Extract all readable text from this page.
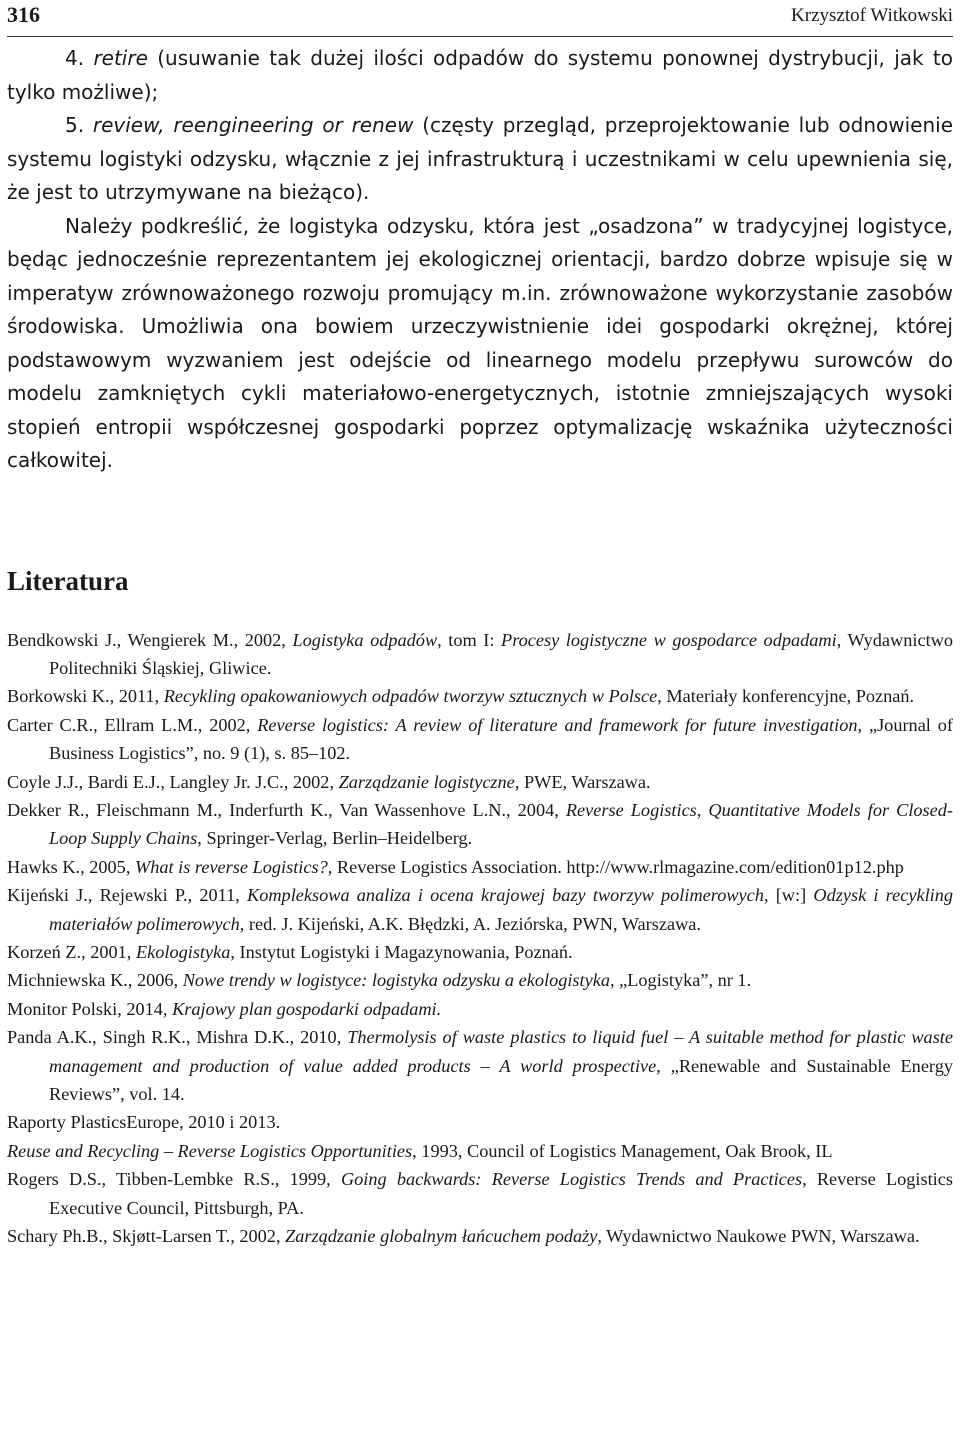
316	Krzysztof Witkowski

4. retire (usuwanie tak dużej ilości odpadów do systemu ponownej dystrybucji, jak to tylko możliwe);

5. review, reengineering or renew (częsty przegląd, przeprojektowanie lub odnowienie systemu logistyki odzysku, włącznie z jej infrastrukturą i uczestnikami w celu upewnienia się, że jest to utrzymywane na bieżąco).

Należy podkreślić, że logistyka odzysku, która jest „osadzona” w tradycyjnej logistyce, będąc jednocześnie reprezentantem jej ekologicznej orientacji, bardzo dobrze wpisuje się w imperatyw zrównoważonego rozwoju promujący m.in. zrównoważone wykorzystanie zasobów środowiska. Umożliwia ona bowiem urzeczywistnienie idei gospodarki okrężnej, której podstawowym wyzwaniem jest odejście od linearnego modelu przepływu surowców do modelu zamkniętych cykli materiałowo-energetycznych, istotnie zmniejszających wysoki stopień entropii współczesnej gospodarki poprzez optymalizację wskaźnika użyteczności całkowitej.

Literatura

Bendkowski J., Wengierek M., 2002, Logistyka odpadów, tom I: Procesy logistyczne w gospodarce odpadami, Wydawnictwo Politechniki Śląskiej, Gliwice.

Borkowski K., 2011, Recykling opakowaniowych odpadów tworzyw sztucznych w Polsce, Materiały konferencyjne, Poznań.

Carter C.R., Ellram L.M., 2002, Reverse logistics: A review of literature and framework for future investigation, „Journal of Business Logistics”, no. 9 (1), s. 85–102.

Coyle J.J., Bardi E.J., Langley Jr. J.C., 2002, Zarządzanie logistyczne, PWE, Warszawa.

Dekker R., Fleischmann M., Inderfurth K., Van Wassenhove L.N., 2004, Reverse Logistics, Quantitative Models for Closed-Loop Supply Chains, Springer-Verlag, Berlin–Heidelberg.

Hawks K., 2005, What is reverse Logistics?, Reverse Logistics Association. http://www.rlmagazine.com/edition01p12.php

Kijeński J., Rejewski P., 2011, Kompleksowa analiza i ocena krajowej bazy tworzyw polimerowych, [w:] Odzysk i recykling materiałów polimerowych, red. J. Kijeński, A.K. Błędzki, A. Jeziórska, PWN, Warszawa.

Korzeń Z., 2001, Ekologistyka, Instytut Logistyki i Magazynowania, Poznań.

Michniewska K., 2006, Nowe trendy w logistyce: logistyka odzysku a ekologistyka, „Logistyka”, nr 1.

Monitor Polski, 2014, Krajowy plan gospodarki odpadami.

Panda A.K., Singh R.K., Mishra D.K., 2010, Thermolysis of waste plastics to liquid fuel – A suitable method for plastic waste management and production of value added products – A world prospective, „Renewable and Sustainable Energy Reviews”, vol. 14.

Raporty PlasticsEurope, 2010 i 2013.

Reuse and Recycling – Reverse Logistics Opportunities, 1993, Council of Logistics Management, Oak Brook, IL

Rogers D.S., Tibben-Lembke R.S., 1999, Going backwards: Reverse Logistics Trends and Practices, Reverse Logistics Executive Council, Pittsburgh, PA.

Schary Ph.B., Skjøtt-Larsen T., 2002, Zarządzanie globalnym łańcuchem podaży, Wydawnictwo Naukowe PWN, Warszawa.
